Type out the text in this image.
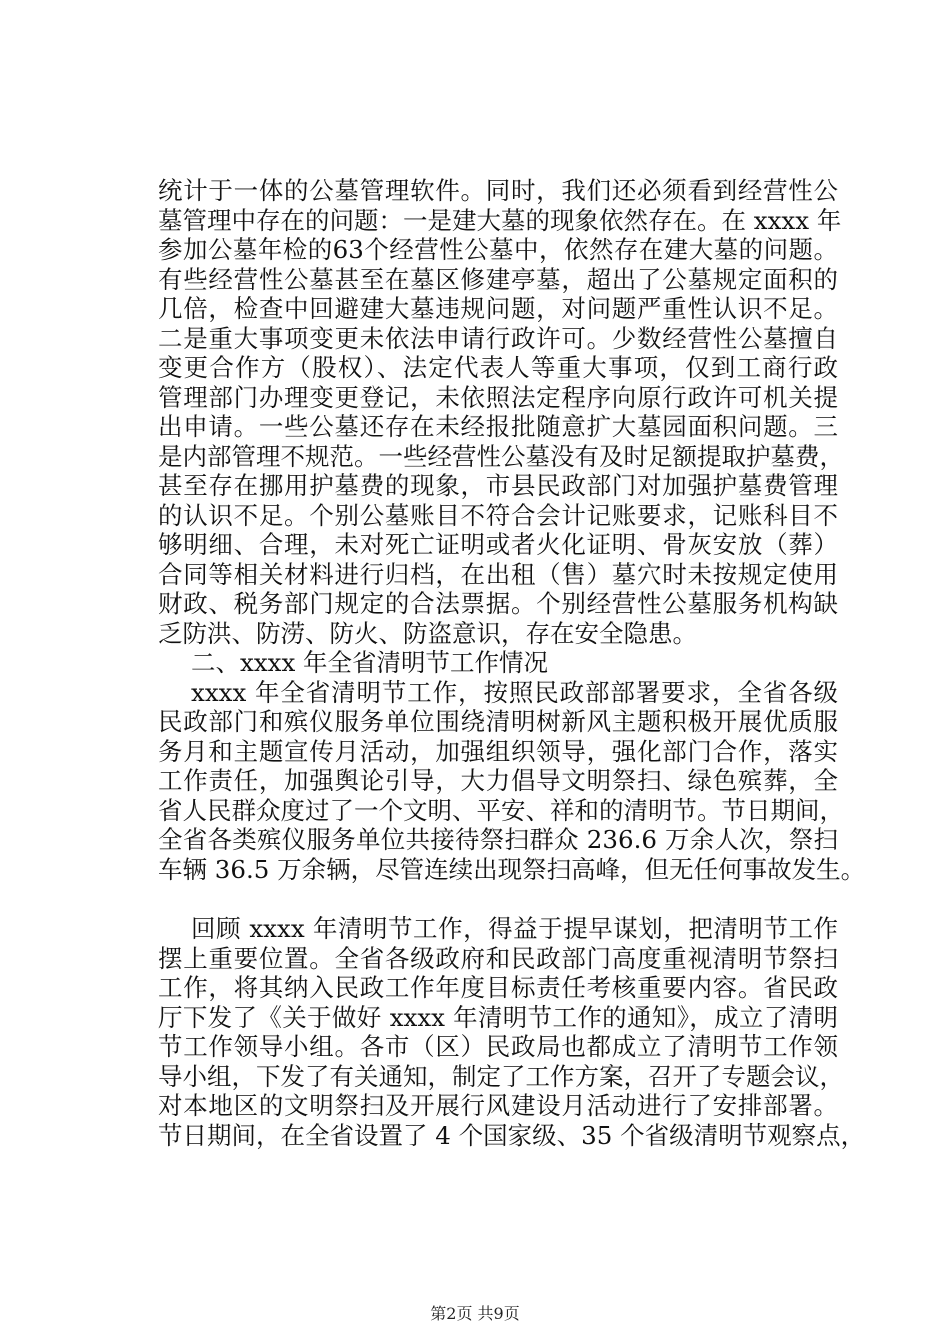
统计于一体的公墓管理软件。同时，我们还必须看到经营性公
墓管理中存在的问题：一是建大墓的现象依然存在。在 xxxx 年
参加公墓年检的63个经营性公墓中，依然存在建大墓的问题。
有些经营性公墓甚至在墓区修建亭墓，超出了公墓规定面积的
几倍，检查中回避建大墓违规问题，对问题严重性认识不足。
二是重大事项变更未依法申请行政许可。少数经营性公墓擅自
变更合作方（股权）、法定代表人等重大事项，仅到工商行政
管理部门办理变更登记，未依照法定程序向原行政许可机关提
出申请。一些公墓还存在未经报批随意扩大墓园面积问题。三
是内部管理不规范。一些经营性公墓没有及时足额提取护墓费，
甚至存在挪用护墓费的现象，市县民政部门对加强护墓费管理
的认识不足。个别公墓账目不符合会计记账要求，记账科目不
够明细、合理，未对死亡证明或者火化证明、骨灰安放（葬）
合同等相关材料进行归档，在出租（售）墓穴时未按规定使用
财政、税务部门规定的合法票据。个别经营性公墓服务机构缺
乏防洪、防涝、防火、防盗意识，存在安全隐患。
二、xxxx 年全省清明节工作情况
xxxx 年全省清明节工作，按照民政部部署要求，全省各级
民政部门和殡仪服务单位围绕清明树新风主题积极开展优质服
务月和主题宣传月活动，加强组织领导，强化部门合作，落实
工作责任，加强舆论引导，大力倡导文明祭扫、绿色殡葬，全
省人民群众度过了一个文明、平安、祥和的清明节。节日期间，
全省各类殡仪服务单位共接待祭扫群众 236.6 万余人次，祭扫
车辆 36.5 万余辆，尽管连续出现祭扫高峰，但无任何事故发生。
回顾 xxxx 年清明节工作，得益于提早谋划，把清明节工作
摆上重要位置。全省各级政府和民政部门高度重视清明节祭扫
工作，将其纳入民政工作年度目标责任考核重要内容。省民政
厅下发了《关于做好 xxxx 年清明节工作的通知》，成立了清明
节工作领导小组。各市（区）民政局也都成立了清明节工作领
导小组，下发了有关通知，制定了工作方案，召开了专题会议，
对本地区的文明祭扫及开展行风建设月活动进行了安排部署。
节日期间，在全省设置了 4 个国家级、35 个省级清明节观察点，
第2页 共9页
